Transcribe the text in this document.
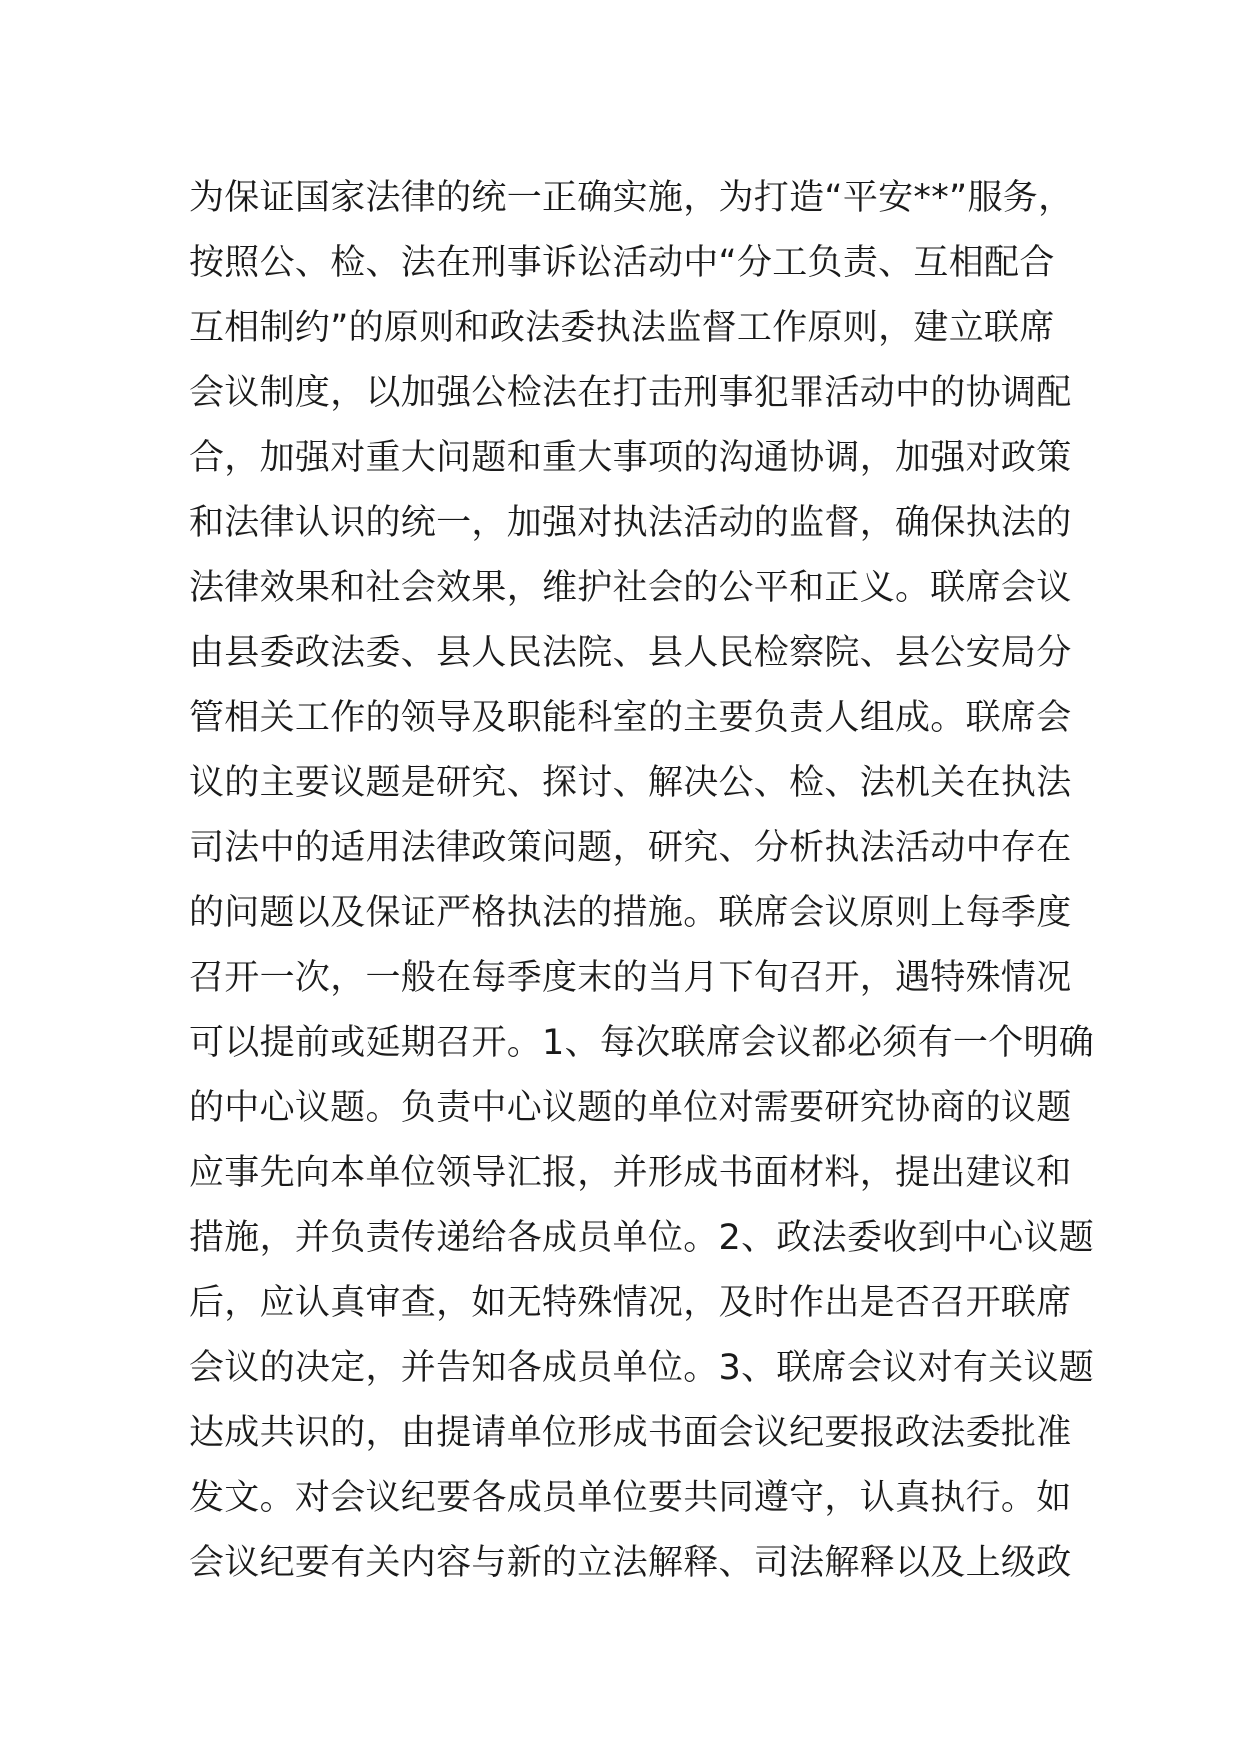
为保证国家法律的统一正确实施，为打造“平安**”服务，
按照公、检、法在刑事诉讼活动中“分工负责、互相配合
互相制约”的原则和政法委执法监督工作原则，建立联席
会议制度，以加强公检法在打击刑事犯罪活动中的协调配
合，加强对重大问题和重大事项的沟通协调，加强对政策
和法律认识的统一，加强对执法活动的监督，确保执法的
法律效果和社会效果，维护社会的公平和正义。联席会议
由县委政法委、县人民法院、县人民检察院、县公安局分
管相关工作的领导及职能科室的主要负责人组成。联席会
议的主要议题是研究、探讨、解决公、检、法机关在执法
司法中的适用法律政策问题，研究、分析执法活动中存在
的问题以及保证严格执法的措施。联席会议原则上每季度
召开一次，一般在每季度末的当月下旬召开，遇特殊情况
可以提前或延期召开。1、每次联席会议都必须有一个明确
的中心议题。负责中心议题的单位对需要研究协商的议题
应事先向本单位领导汇报，并形成书面材料，提出建议和
措施，并负责传递给各成员单位。2、政法委收到中心议题
后，应认真审查，如无特殊情况，及时作出是否召开联席
会议的决定，并告知各成员单位。3、联席会议对有关议题
达成共识的，由提请单位形成书面会议纪要报政法委批准
发文。对会议纪要各成员单位要共同遵守，认真执行。如
会议纪要有关内容与新的立法解释、司法解释以及上级政
